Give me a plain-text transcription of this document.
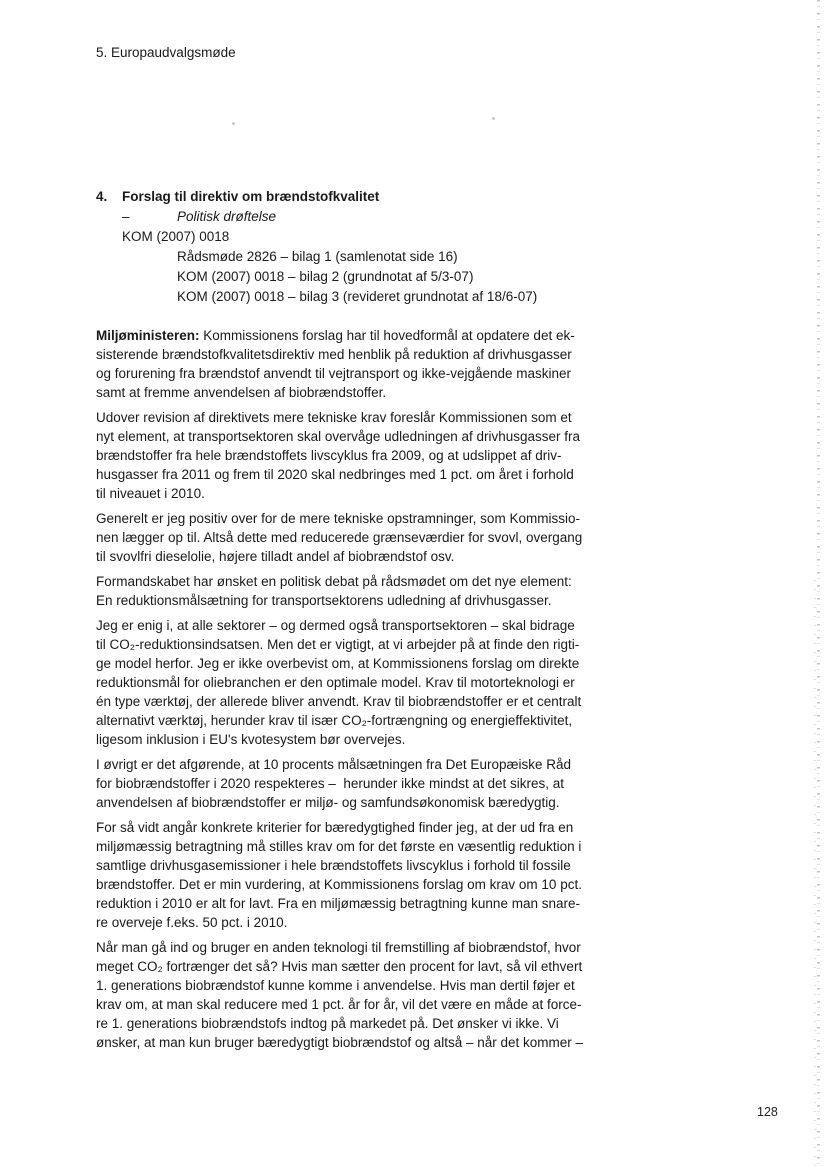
5. Europaudvalgsmøde
4. Forslag til direktiv om brændstofkvalitet
–	Politisk drøftelse
KOM (2007) 0018
Rådsmøde 2826 – bilag 1 (samlenotat side 16)
KOM (2007) 0018 – bilag 2 (grundnotat af 5/3-07)
KOM (2007) 0018 – bilag 3 (revideret grundnotat af 18/6-07)

Miljøministeren: Kommissionens forslag har til hovedformål at opdatere det ek-
sisterende brændstofkvalitetsdirektiv med henblik på reduktion af drivhusgasser
og forurening fra brændstof anvendt til vejtransport og ikke-vejgående maskiner
samt at fremme anvendelsen af biobrændstoffer.

Udover revision af direktivets mere tekniske krav foreslår Kommissionen som et
nyt element, at transportsektoren skal overvåge udledningen af drivhusgasser fra
brændstoffer fra hele brændstoffets livscyklus fra 2009, og at udslippet af driv-
husgasser fra 2011 og frem til 2020 skal nedbringes med 1 pct. om året i forhold
til niveauet i 2010.

Generelt er jeg positiv over for de mere tekniske opstramninger, som Kommissio-
nen lægger op til. Altså dette med reducerede grænseværdier for svovl, overgang
til svovlfri dieselolie, højere tilladt andel af biobrændstof osv.

Formandskabet har ønsket en politisk debat på rådsmødet om det nye element:
En reduktionsmålsætning for transportsektorens udledning af drivhusgasser.

Jeg er enig i, at alle sektorer – og dermed også transportsektoren – skal bidrage
til CO₂-reduktionsindsatsen. Men det er vigtigt, at vi arbejder på at finde den rigti-
ge model herfor. Jeg er ikke overbevist om, at Kommissionens forslag om direkte
reduktionsmål for oliebranchen er den optimale model. Krav til motorteknologi er
én type værktøj, der allerede bliver anvendt. Krav til biobrændstoffer er et centralt
alternativt værktøj, herunder krav til især CO₂-fortrængning og energieffektivitet,
ligesom inklusion i EU's kvotesystem bør overvejes.

I øvrigt er det afgørende, at 10 procents målsætningen fra Det Europæiske Råd
for biobrændstoffer i 2020 respekteres –  herunder ikke mindst at det sikres, at
anvendelsen af biobrændstoffer er miljø- og samfundsøkonomisk bæredygtig.

For så vidt angår konkrete kriterier for bæredygtighed finder jeg, at der ud fra en
miljømæssig betragtning må stilles krav om for det første en væsentlig reduktion i
samtlige drivhusgasemissioner i hele brændstoffets livscyklus i forhold til fossile
brændstoffer. Det er min vurdering, at Kommissionens forslag om krav om 10 pct.
reduktion i 2010 er alt for lavt. Fra en miljømæssig betragtning kunne man snare-
re overveje f.eks. 50 pct. i 2010.

Når man gå ind og bruger en anden teknologi til fremstilling af biobrændstof, hvor
meget CO₂ fortrænger det så? Hvis man sætter den procent for lavt, så vil ethvert
1. generations biobrændstof kunne komme i anvendelse. Hvis man dertil føjer et
krav om, at man skal reducere med 1 pct. år for år, vil det være en måde at force-
re 1. generations biobrændstofs indtog på markedet på. Det ønsker vi ikke. Vi
ønsker, at man kun bruger bæredygtigt biobrændstof og altså – når det kommer –

128
